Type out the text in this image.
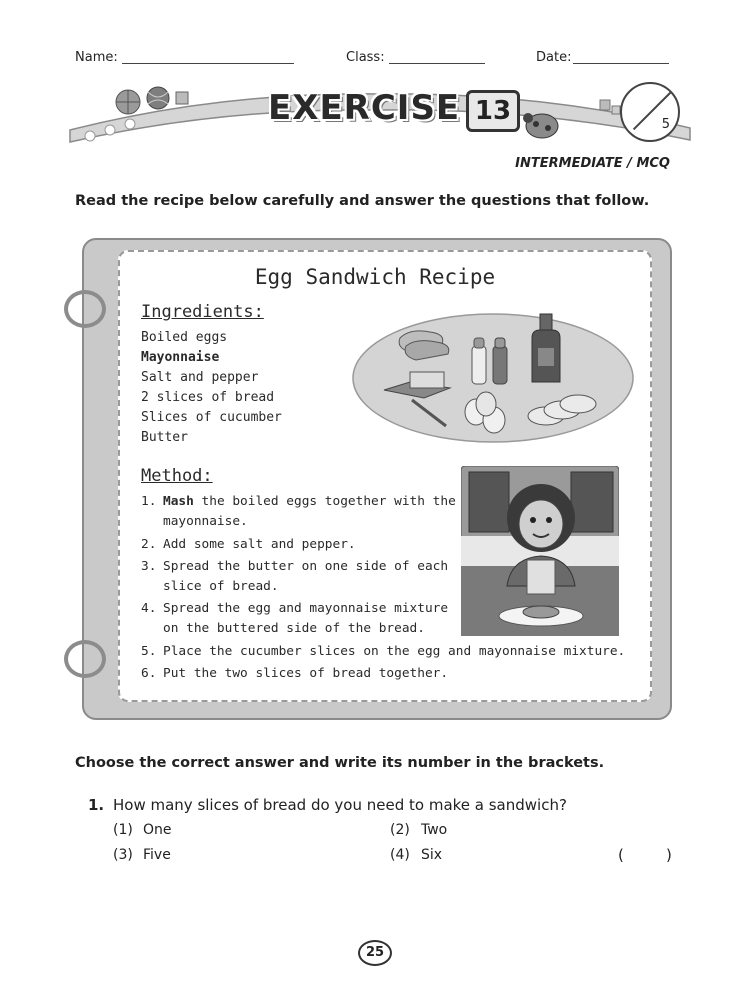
Name:	Class:	Date:
EXERCISE 13	5
INTERMEDIATE / MCQ
Read the recipe below carefully and answer the questions that follow.
Egg Sandwich Recipe
Ingredients:
Boiled eggs
Mayonnaise
Salt and pepper
2 slices of bread
Slices of cucumber
Butter
Method:
1. Mash the boiled eggs together with the
mayonnaise.
2. Add some salt and pepper.
3. Spread the butter on one side of each
slice of bread.
4. Spread the egg and mayonnaise mixture
on the buttered side of the bread.
5. Place the cucumber slices on the egg and mayonnaise mixture.
6. Put the two slices of bread together.
Choose the correct answer and write its number in the brackets.
1. How many slices of bread do you need to make a sandwich?
(1) One	(2) Two
(3) Five	(4) Six	(	)
25
